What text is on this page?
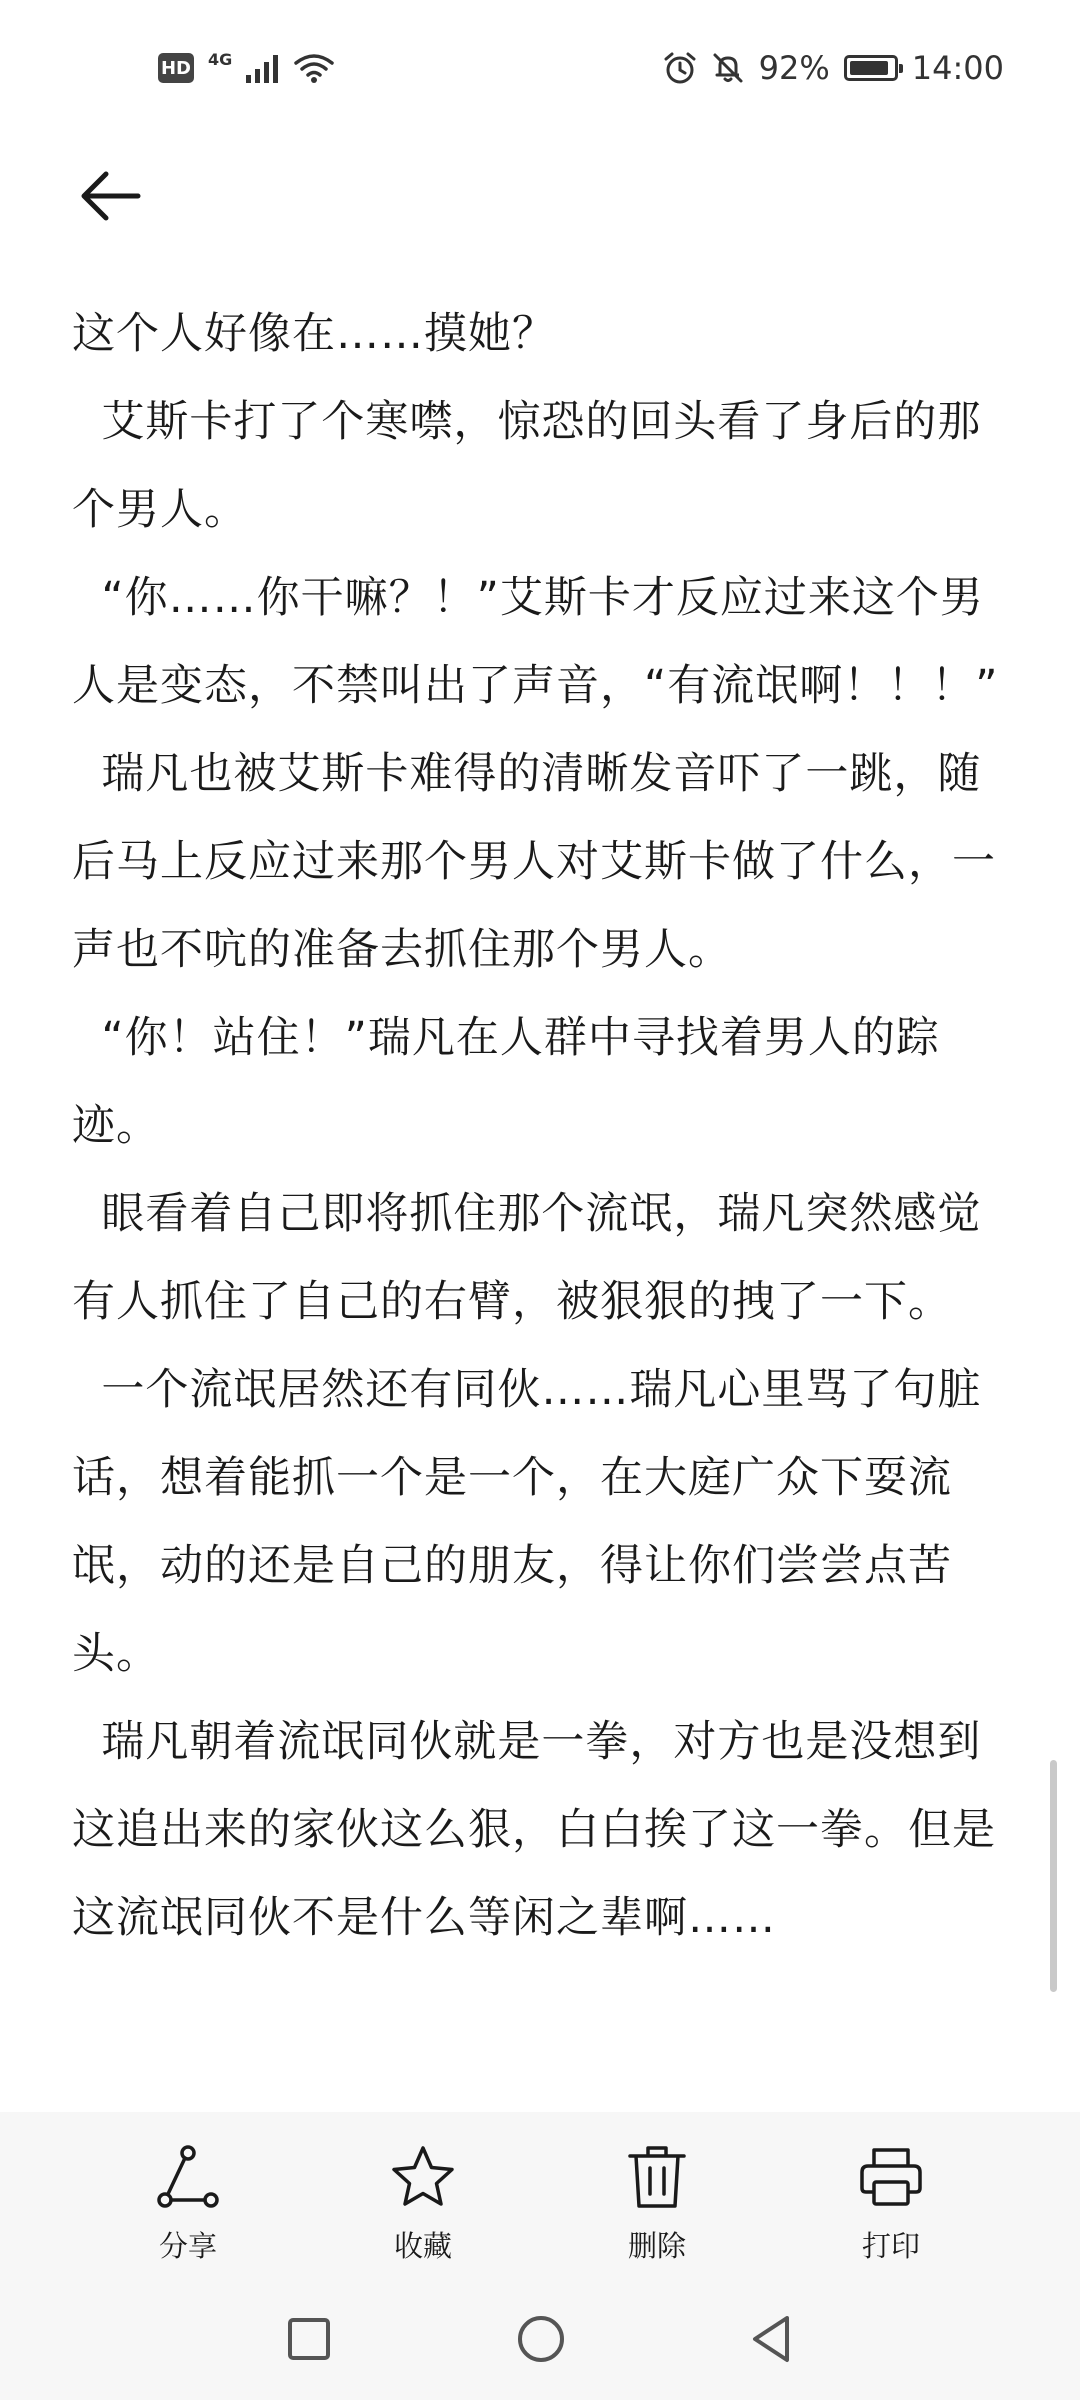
HD 4G	92%	14:00

这个人好像在……摸她？

艾斯卡打了个寒噤，惊恐的回头看了身后的那个男人。

“你……你干嘛？！”艾斯卡才反应过来这个男人是变态，不禁叫出了声音，“有流氓啊！！！”

瑞凡也被艾斯卡难得的清晰发音吓了一跳，随后马上反应过来那个男人对艾斯卡做了什么，一声也不吭的准备去抓住那个男人。

“你！站住！”瑞凡在人群中寻找着男人的踪迹。

眼看着自己即将抓住那个流氓，瑞凡突然感觉有人抓住了自己的右臂，被狠狠的拽了一下。

一个流氓居然还有同伙……瑞凡心里骂了句脏话，想着能抓一个是一个，在大庭广众下耍流氓，动的还是自己的朋友，得让你们尝尝点苦头。

瑞凡朝着流氓同伙就是一拳，对方也是没想到这追出来的家伙这么狠，白白挨了这一拳。但是这流氓同伙不是什么等闲之辈啊……

分享	收藏	删除	打印
